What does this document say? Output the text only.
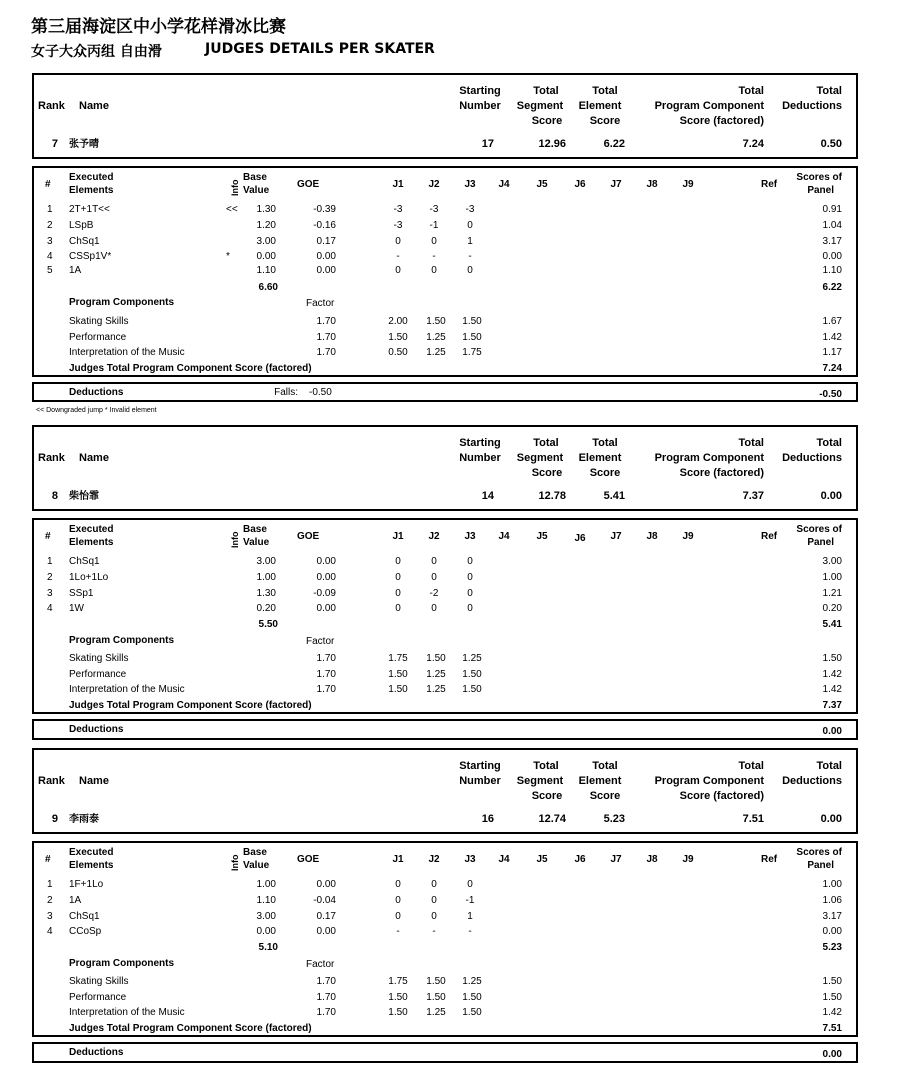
第三届海淀区中小学花样滑冰比赛
女子大众丙组 自由滑	JUDGES DETAILS PER SKATER
<< Downgraded jump * Invalid element
Rank Name
Starting
Number
Total
Segment
Score
Total
Element
Score
Total
Program Component
Score (factored)
Total
Deductions
7 张予晴	17	12.96	6.22	7.24	0.50
#
Executed
Elements	Info
Base
Value
GOE	J1	J2	J3	J4	J5	J6	J7	J8	J9	Ref
Scores of
Panel
1 2T+1T<<	<< 1.30	-0.39	-3	-3	-3	0.91
2 LSpB	1.20	-0.16	-3	-1	0	1.04
3 ChSq1	3.00	0.17	0	0	1	3.17
4 CSSp1V*	*	0.00	0.00	-	-	-	0.00
5 1A	1.10	0.00	0	0	0	1.10
6.60	6.22
Program Components	Factor
Skating Skills	1.70	2.00	1.50	1.50	1.67
Performance	1.70	1.50	1.25	1.50	1.42
Interpretation of the Music	1.70	0.50	1.25	1.75	1.17
Judges Total Program Component Score (factored)	7.24
Deductions	Falls: -0.50	-0.50
Rank Name
Starting
Number
Total
Segment
Score
Total
Element
Score
Total
Program Component
Score (factored)
Total
Deductions
8 柴怡霏	14	12.78	5.41	7.37	0.00
#
Executed
Elements	Info
Base
Value
GOE	J1	J2	J3	J4	J5	J6	J7	J8	J9	Ref
Scores of
Panel
1 ChSq1	3.00	0.00	0	0	0	3.00
2 1Lo+1Lo	1.00	0.00	0	0	0	1.00
3 SSp1	1.30	-0.09	0	-2	0	1.21
4 1W	0.20	0.00	0	0	0	0.20
5.50	5.41
Program Components	Factor
Skating Skills	1.70	1.75	1.50	1.25	1.50
Performance	1.70	1.50	1.25	1.50	1.42
Interpretation of the Music	1.70	1.50	1.25	1.50	1.42
Judges Total Program Component Score (factored)	7.37
Deductions	0.00
Rank Name
Starting
Number
Total
Segment
Score
Total
Element
Score
Total
Program Component
Score (factored)
Total
Deductions
9 李雨泰	16	12.74	5.23	7.51	0.00
#
Executed
Elements	Info
Base
Value
GOE	J1	J2	J3	J4	J5	J6	J7	J8	J9	Ref
Scores of
Panel
1 1F+1Lo	1.00	0.00	0	0	0	1.00
2 1A	1.10	-0.04	0	0	-1	1.06
3 ChSq1	3.00	0.17	0	0	1	3.17
4 CCoSp	0.00	0.00	-	-	-	0.00
5.10	5.23
Program Components	Factor
Skating Skills	1.70	1.75	1.50	1.25	1.50
Performance	1.70	1.50	1.50	1.50	1.50
Interpretation of the Music	1.70	1.50	1.25	1.50	1.42
Judges Total Program Component Score (factored)	7.51
Deductions	0.00
